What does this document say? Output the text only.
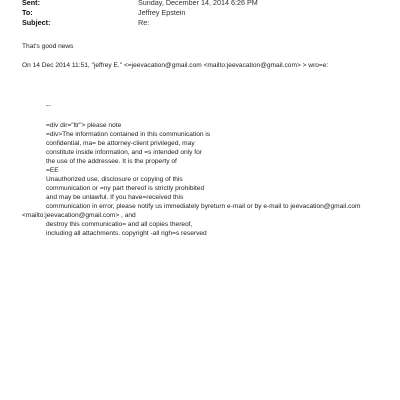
Sent:	Sunday, December 14, 2014 6:26 PM
To:	Jeffrey Epstein
Subject:	Re:
That's good news
On 14 Dec 2014 11:51, "jeffrey E." <=jeevacation@gmail.com <mailto:jeevacation@gmail.com> > wro=e:
--
=div dir="ltr"> please note
=div>The information contained in this communication is
confidential, ma= be attorney-client privileged, may
constitute inside information, and =s intended only for
the use of the addressee. It is the property of
=EE
Unauthorized use, disclosure or copying of this
communication or =ny part thereof is strictly prohibited
and may be unlawful. If you have=received this
communication in error, please notify us immediately byreturn e-mail or by e-mail to jeevacation@gmail.com
<mailto:jeevacation@gmail.com> , and
destroy this communicatio= and all copies thereof,
including all attachments. copyright -all righ=s reserved
